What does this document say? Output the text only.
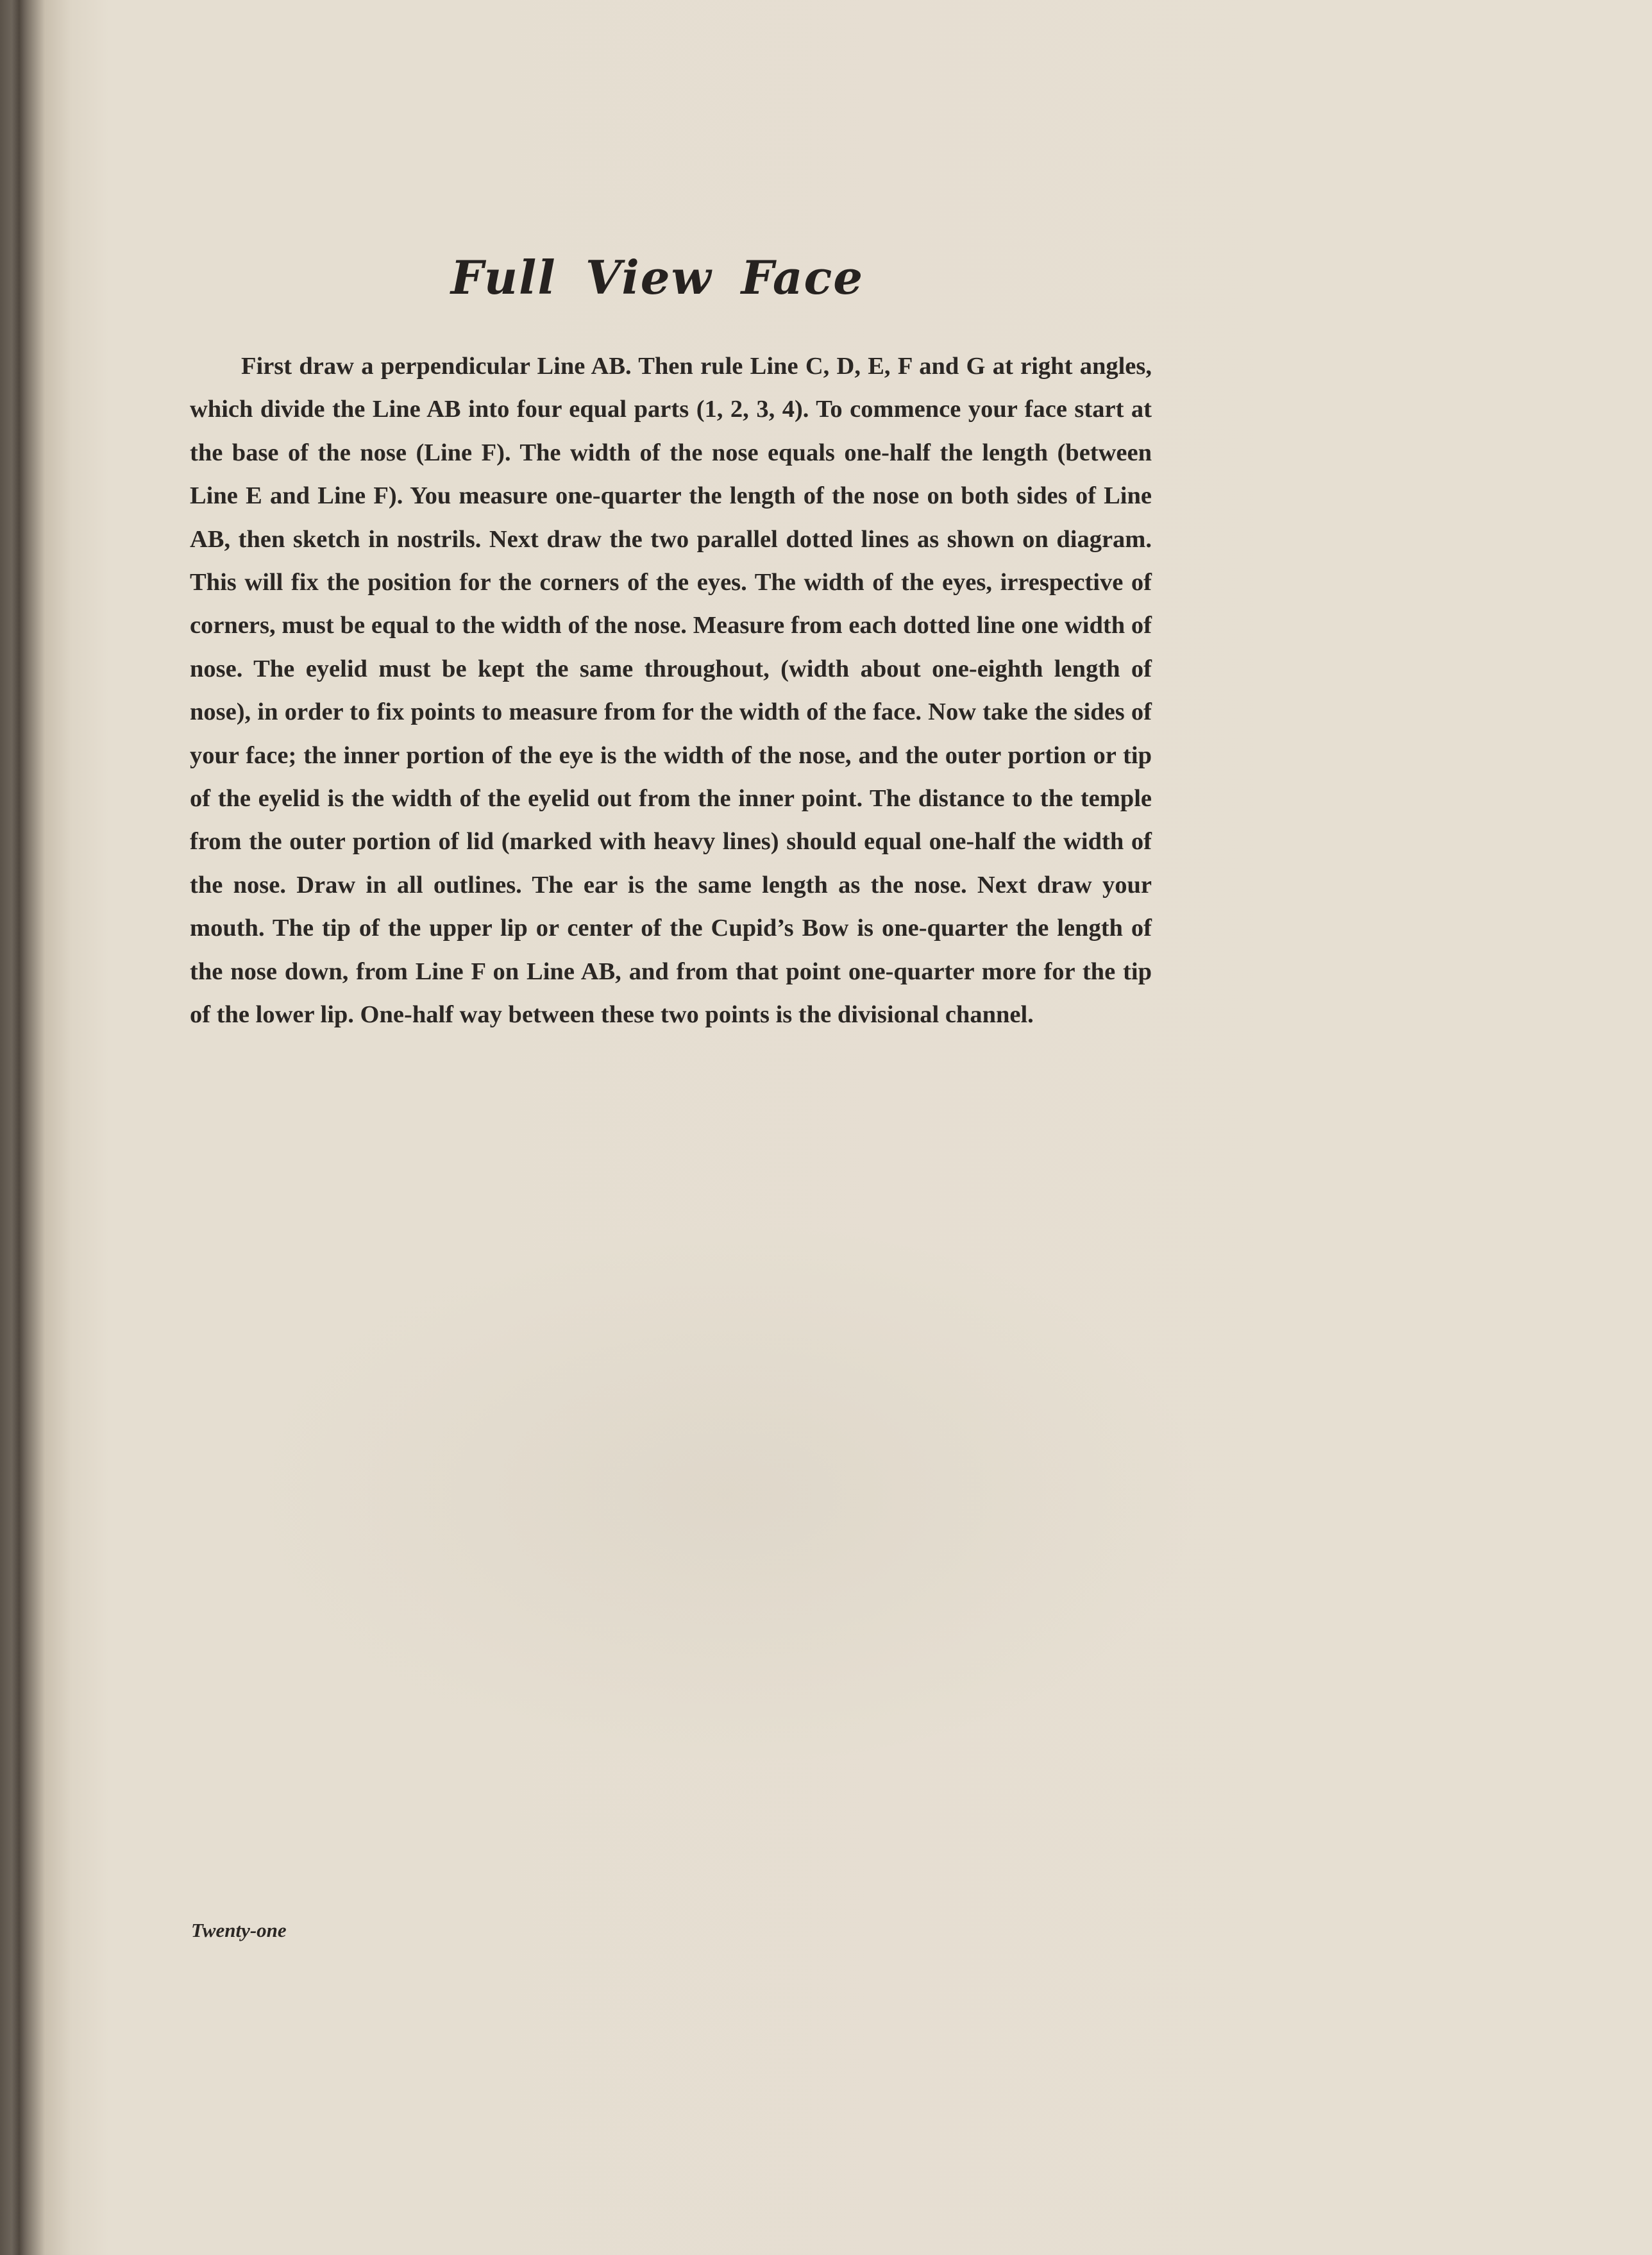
Full View Face

First draw a perpendicular Line AB. Then rule Line C, D, E, F and G at right angles, which divide the Line AB into four equal parts (1, 2, 3, 4). To commence your face start at the base of the nose (Line F). The width of the nose equals one-half the length (between Line E and Line F). You measure one-quarter the length of the nose on both sides of Line AB, then sketch in nostrils. Next draw the two parallel dotted lines as shown on diagram. This will fix the position for the corners of the eyes. The width of the eyes, irrespective of corners, must be equal to the width of the nose. Measure from each dotted line one width of nose. The eyelid must be kept the same throughout, (width about one-eighth length of nose), in order to fix points to measure from for the width of the face. Now take the sides of your face; the inner portion of the eye is the width of the nose, and the outer portion or tip of the eyelid is the width of the eyelid out from the inner point. The distance to the temple from the outer portion of lid (marked with heavy lines) should equal one-half the width of the nose. Draw in all outlines. The ear is the same length as the nose. Next draw your mouth. The tip of the upper lip or center of the Cupid’s Bow is one-quarter the length of the nose down, from Line F on Line AB, and from that point one-quarter more for the tip of the lower lip. One-half way between these two points is the divisional channel.

Twenty-one
